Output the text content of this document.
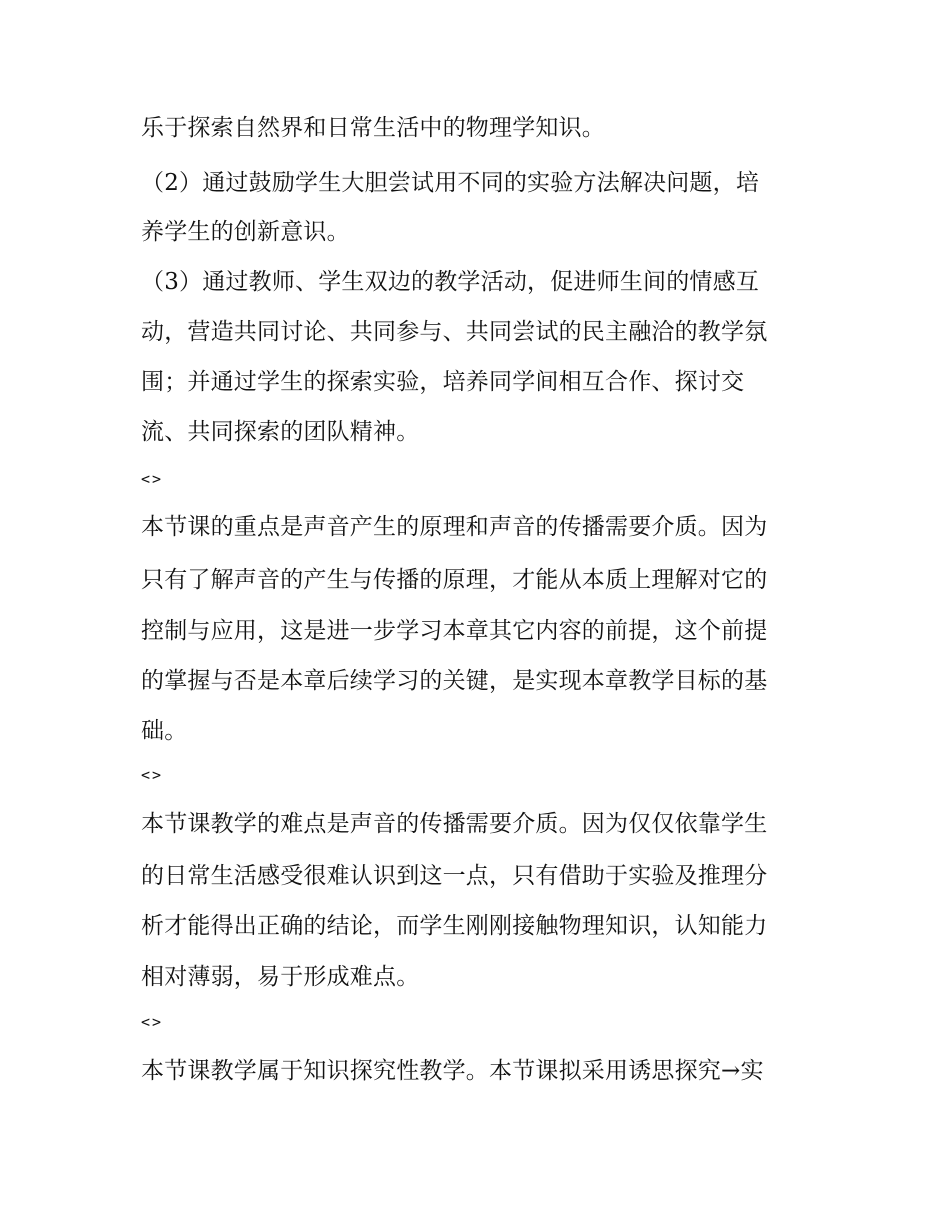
乐于探索自然界和日常生活中的物理学知识。
（2）通过鼓励学生大胆尝试用不同的实验方法解决问题，培
养学生的创新意识。
（3）通过教师、学生双边的教学活动，促进师生间的情感互
动，营造共同讨论、共同参与、共同尝试的民主融洽的教学氛
围；并通过学生的探索实验，培养同学间相互合作、探讨交
流、共同探索的团队精神。
<>
本节课的重点是声音产生的原理和声音的传播需要介质。因为
只有了解声音的产生与传播的原理，才能从本质上理解对它的
控制与应用，这是进一步学习本章其它内容的前提，这个前提
的掌握与否是本章后续学习的关键，是实现本章教学目标的基
础。
<>
本节课教学的难点是声音的传播需要介质。因为仅仅依靠学生
的日常生活感受很难认识到这一点，只有借助于实验及推理分
析才能得出正确的结论，而学生刚刚接触物理知识，认知能力
相对薄弱，易于形成难点。
<>
本节课教学属于知识探究性教学。本节课拟采用诱思探究→实
